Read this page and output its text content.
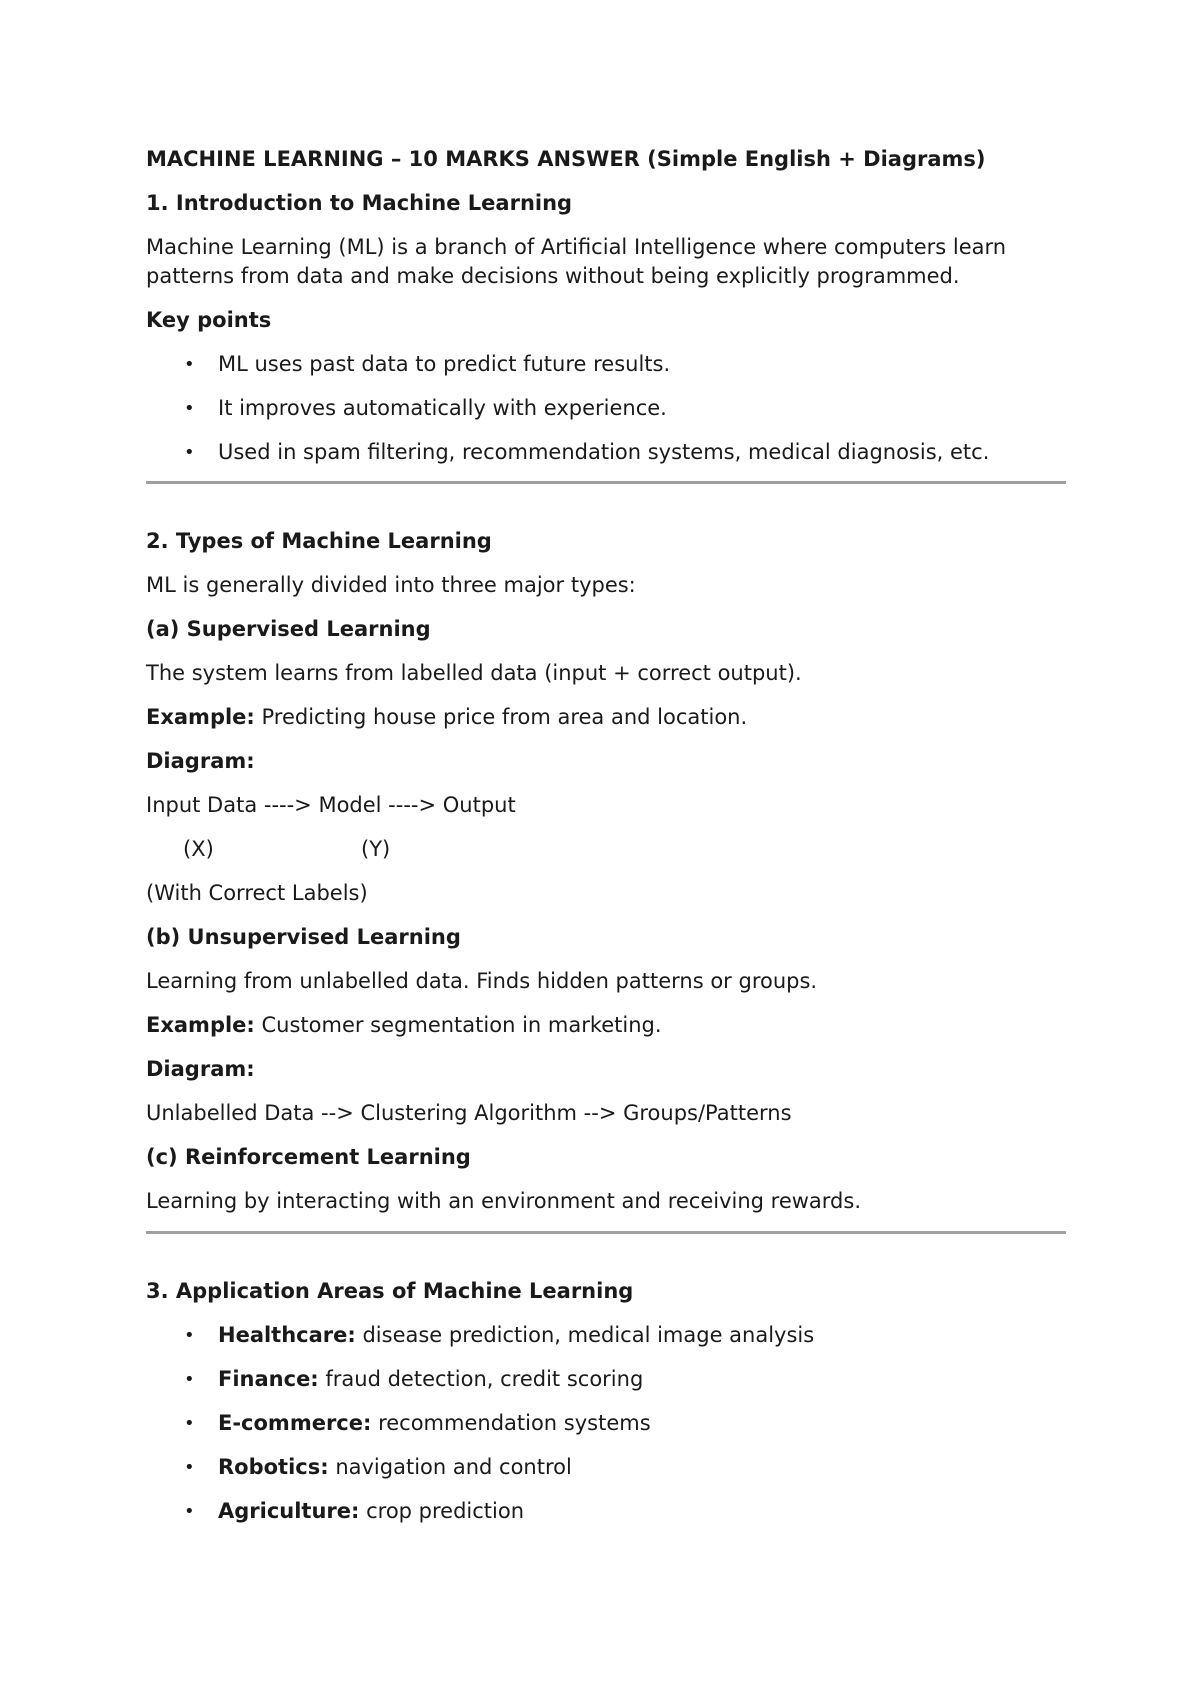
MACHINE LEARNING – 10 MARKS ANSWER (Simple English + Diagrams)
1. Introduction to Machine Learning
Machine Learning (ML) is a branch of Artificial Intelligence where computers learn
patterns from data and make decisions without being explicitly programmed.
Key points
• ML uses past data to predict future results.
• It improves automatically with experience.
• Used in spam filtering, recommendation systems, medical diagnosis, etc.
2. Types of Machine Learning
ML is generally divided into three major types:
(a) Supervised Learning
The system learns from labelled data (input + correct output).
Example: Predicting house price from area and location.
Diagram:
Input Data ----> Model ----> Output
(X)	(Y)
(With Correct Labels)
(b) Unsupervised Learning
Learning from unlabelled data. Finds hidden patterns or groups.
Example: Customer segmentation in marketing.
Diagram:
Unlabelled Data --> Clustering Algorithm --> Groups/Patterns
(c) Reinforcement Learning
Learning by interacting with an environment and receiving rewards.
3. Application Areas of Machine Learning
• Healthcare: disease prediction, medical image analysis
• Finance: fraud detection, credit scoring
• E-commerce: recommendation systems
• Robotics: navigation and control
• Agriculture: crop prediction
